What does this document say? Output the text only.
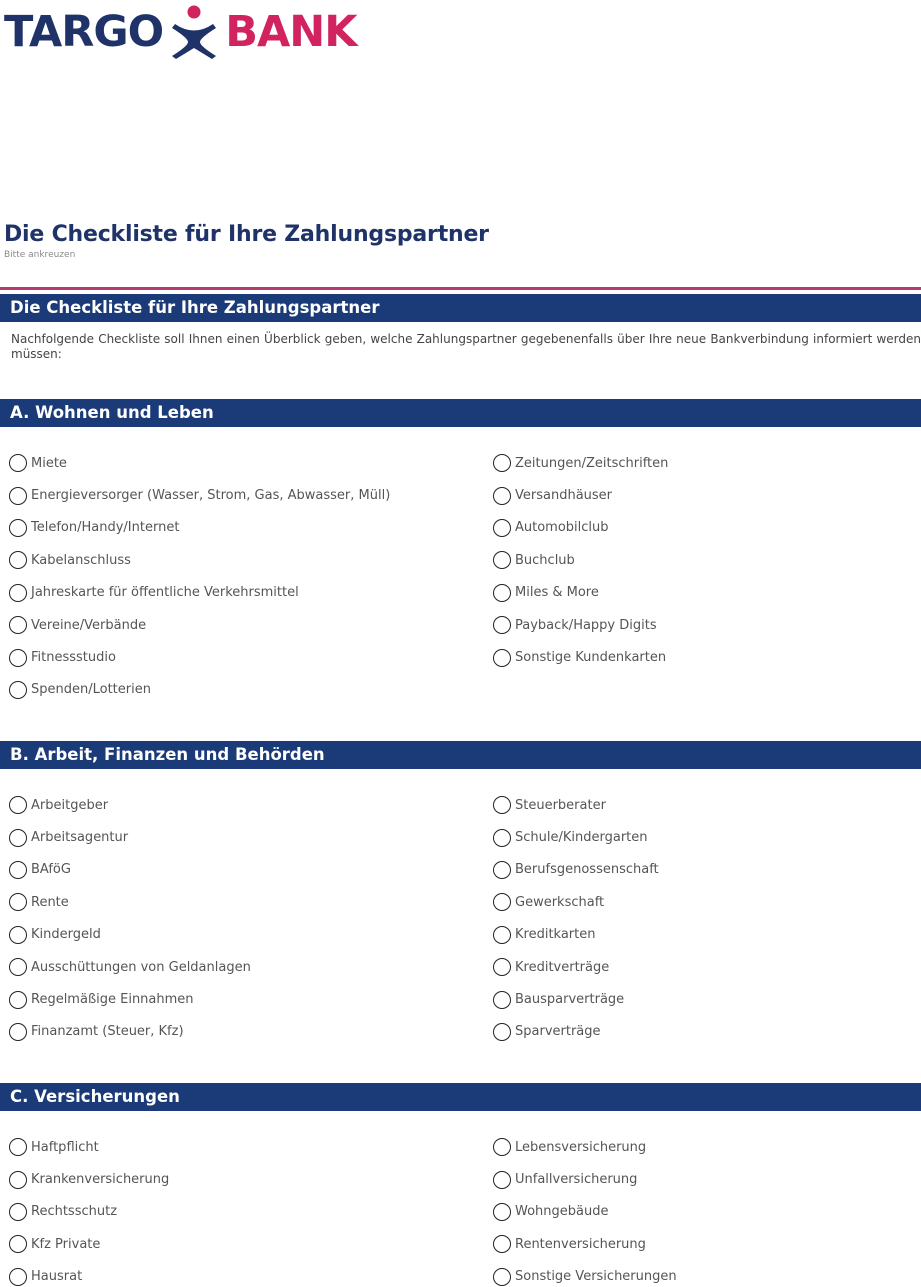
TARGO BANK
Die Checkliste für Ihre Zahlungspartner
Bitte ankreuzen
Die Checkliste für Ihre Zahlungspartner
Nachfolgende Checkliste soll Ihnen einen Überblick geben, welche Zahlungspartner gegebenenfalls über Ihre neue Bankverbindung informiert werden müssen:
A. Wohnen und Leben
Miete
Energieversorger (Wasser, Strom, Gas, Abwasser, Müll)
Telefon/Handy/Internet
Kabelanschluss
Jahreskarte für öffentliche Verkehrsmittel
Vereine/Verbände
Fitnessstudio
Spenden/Lotterien
Zeitungen/Zeitschriften
Versandhäuser
Automobilclub
Buchclub
Miles & More
Payback/Happy Digits
Sonstige Kundenkarten
B. Arbeit, Finanzen und Behörden
Arbeitgeber
Arbeitsagentur
BAföG
Rente
Kindergeld
Ausschüttungen von Geldanlagen
Regelmäßige Einnahmen
Finanzamt (Steuer, Kfz)
Steuerberater
Schule/Kindergarten
Berufsgenossenschaft
Gewerkschaft
Kreditkarten
Kreditverträge
Bausparverträge
Sparverträge
C. Versicherungen
Haftpflicht
Krankenversicherung
Rechtsschutz
Kfz Private
Hausrat
Lebensversicherung
Unfallversicherung
Wohngebäude
Rentenversicherung
Sonstige Versicherungen
